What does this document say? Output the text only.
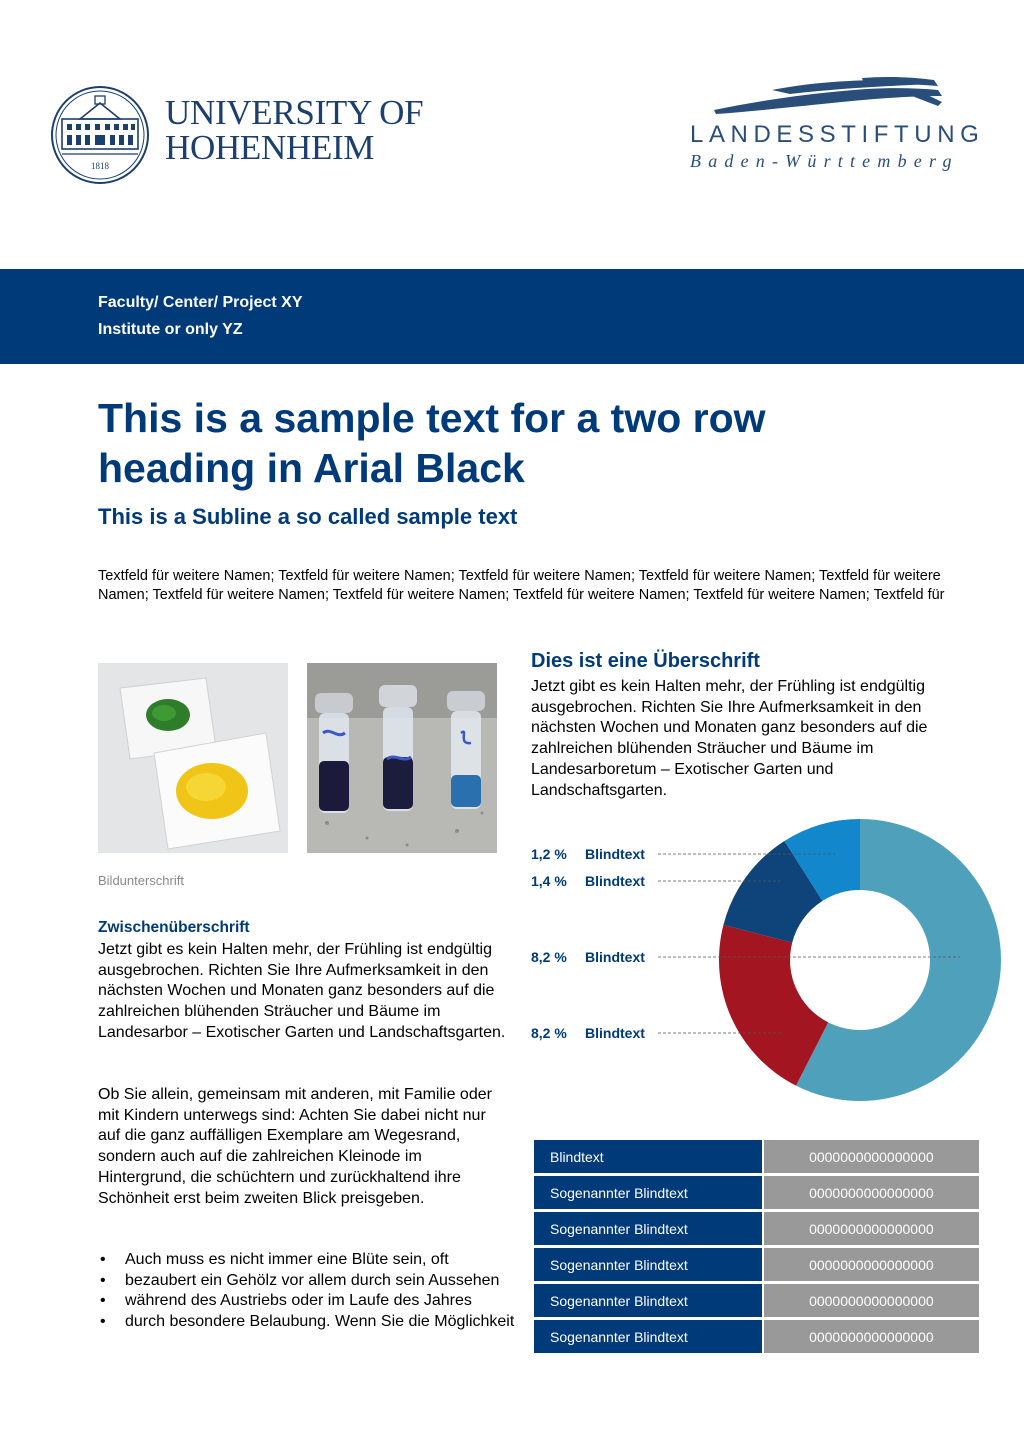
1818
UNIVERSITY OF
HOHENHEIM	LANDESSTIFTUNG
Baden-Württemberg
Faculty/ Center/ Project XY
Institute or only YZ
This is a sample text for a two row
heading in Arial Black
This is a Subline a so called sample text
Textfeld für weitere Namen; Textfeld für weitere Namen; Textfeld für weitere Namen; Textfeld für weitere Namen; Textfeld für weitere Namen; Textfeld für weitere Namen; Textfeld für weitere Namen; Textfeld für weitere Namen; Textfeld für weitere Namen; Textfeld für
Bildunterschrift
Dies ist eine Überschrift
Jetzt gibt es kein Halten mehr, der Frühling ist endgültig ausgebrochen. Richten Sie Ihre Aufmerksamkeit in den nächsten Wochen und Monaten ganz besonders auf die zahlreichen blühenden Sträucher und Bäume im Landesarboretum – Exotischer Garten und Landschaftsgarten.
Zwischenüberschrift
Jetzt gibt es kein Halten mehr, der Frühling ist endgültig ausgebrochen. Richten Sie Ihre Aufmerksamkeit in den nächsten Wochen und Monaten ganz besonders auf die zahlreichen blühenden Sträucher und Bäume im Landesarbor – Exotischer Garten und Landschaftsgarten.
Ob Sie allein, gemeinsam mit anderen, mit Familie oder mit Kindern unterwegs sind: Achten Sie dabei nicht nur auf die ganz auffälligen Exemplare am Wegesrand, sondern auch auf die zahlreichen Kleinode im Hintergrund, die schüchtern und zurückhaltend ihre Schönheit erst beim zweiten Blick preisgeben.
• Auch muss es nicht immer eine Blüte sein, oft
• bezaubert ein Gehölz vor allem durch sein Aussehen
• während des Austriebs oder im Laufe des Jahres
• durch besondere Belaubung. Wenn Sie die Möglichkeit
1,2 % Blindtext
1,4 % Blindtext
8,2 % Blindtext
8,2 % Blindtext
Blindtext	0000000000000000
Sogenannter Blindtext	0000000000000000
Sogenannter Blindtext	0000000000000000
Sogenannter Blindtext	0000000000000000
Sogenannter Blindtext	0000000000000000
Sogenannter Blindtext	0000000000000000
